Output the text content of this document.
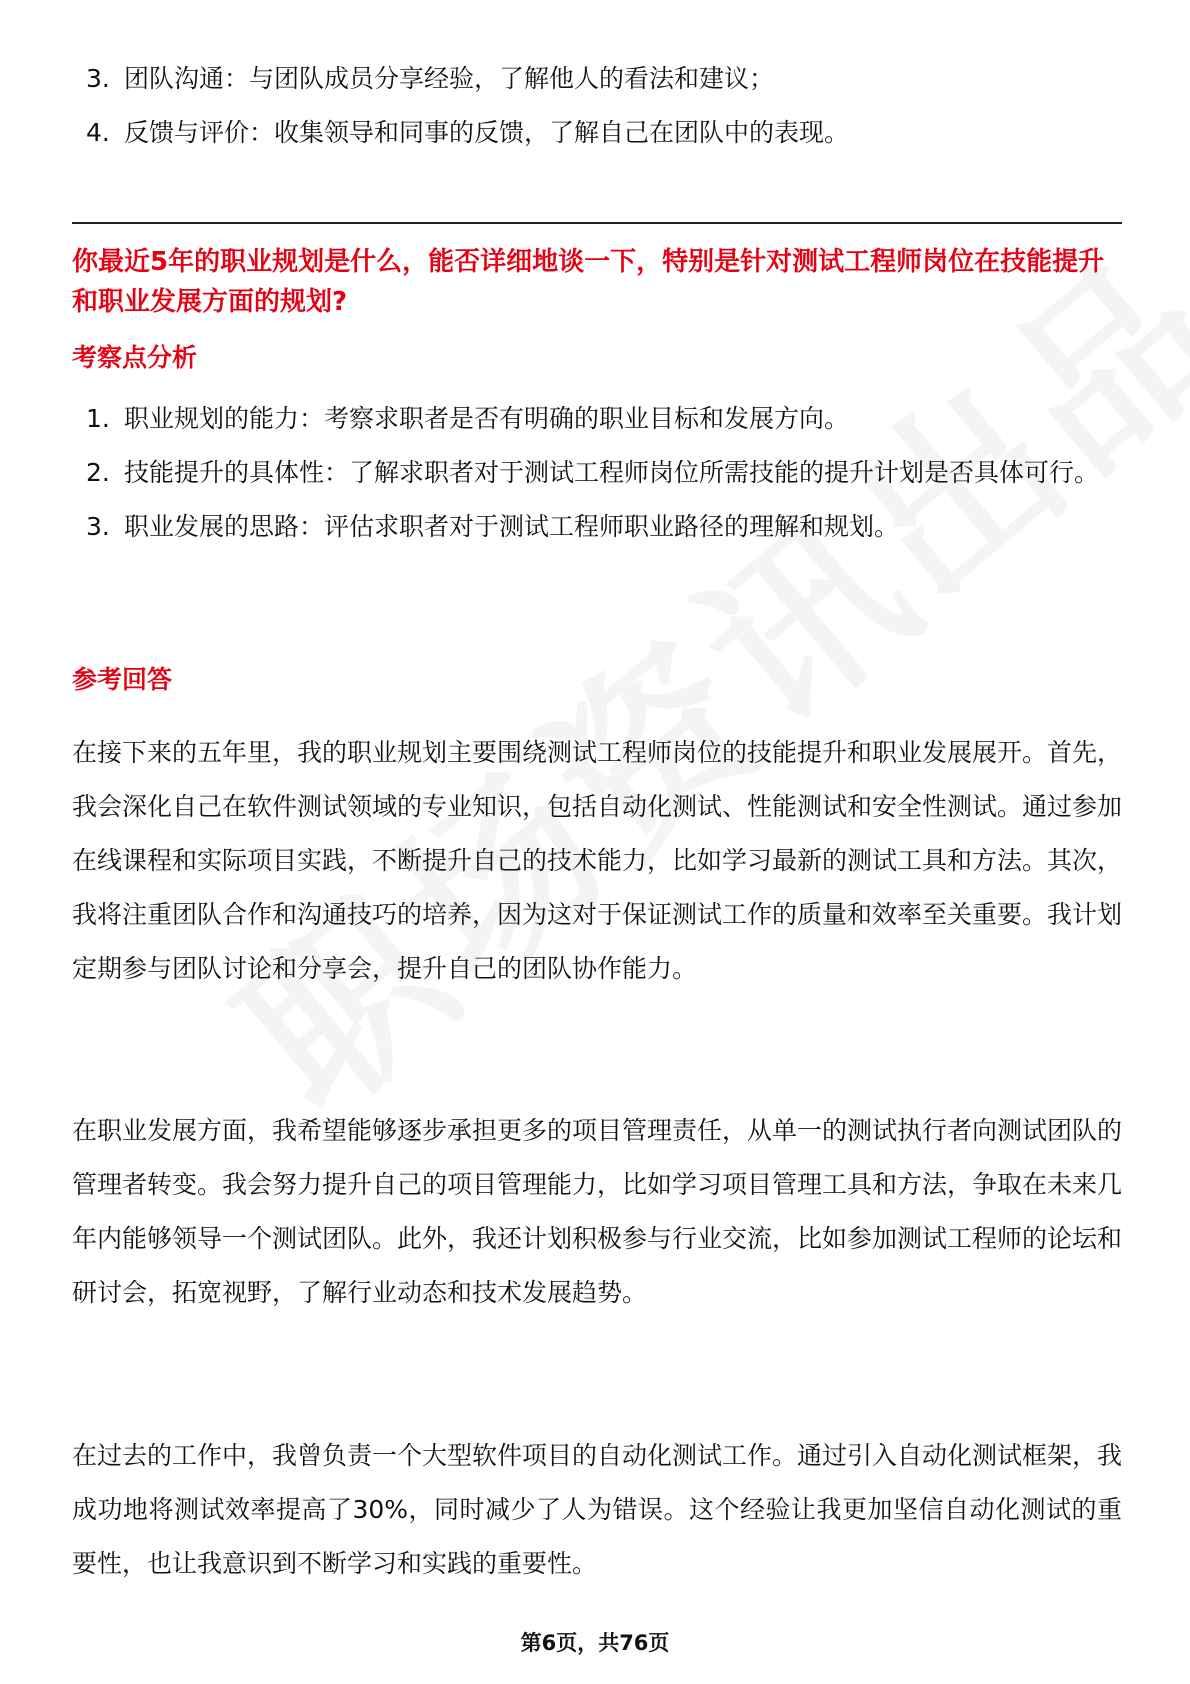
3. 团队沟通：与团队成员分享经验，了解他人的看法和建议；
4. 反馈与评价：收集领导和同事的反馈，了解自己在团队中的表现。

你最近5年的职业规划是什么，能否详细地谈一下，特别是针对测试工程师岗位在技能提升和职业发展方面的规划?

考察点分析

1. 职业规划的能力：考察求职者是否有明确的职业目标和发展方向。
2. 技能提升的具体性：了解求职者对于测试工程师岗位所需技能的提升计划是否具体可行。
3. 职业发展的思路：评估求职者对于测试工程师职业路径的理解和规划。

参考回答

在接下来的五年里，我的职业规划主要围绕测试工程师岗位的技能提升和职业发展展开。首先，我会深化自己在软件测试领域的专业知识，包括自动化测试、性能测试和安全性测试。通过参加在线课程和实际项目实践，不断提升自己的技术能力，比如学习最新的测试工具和方法。其次，我将注重团队合作和沟通技巧的培养，因为这对于保证测试工作的质量和效率至关重要。我计划定期参与团队讨论和分享会，提升自己的团队协作能力。

在职业发展方面，我希望能够逐步承担更多的项目管理责任，从单一的测试执行者向测试团队的管理者转变。我会努力提升自己的项目管理能力，比如学习项目管理工具和方法，争取在未来几年内能够领导一个测试团队。此外，我还计划积极参与行业交流，比如参加测试工程师的论坛和研讨会，拓宽视野，了解行业动态和技术发展趋势。

在过去的工作中，我曾负责一个大型软件项目的自动化测试工作。通过引入自动化测试框架，我成功地将测试效率提高了30%，同时减少了人为错误。这个经验让我更加坚信自动化测试的重要性，也让我意识到不断学习和实践的重要性。

第6页，共76页
